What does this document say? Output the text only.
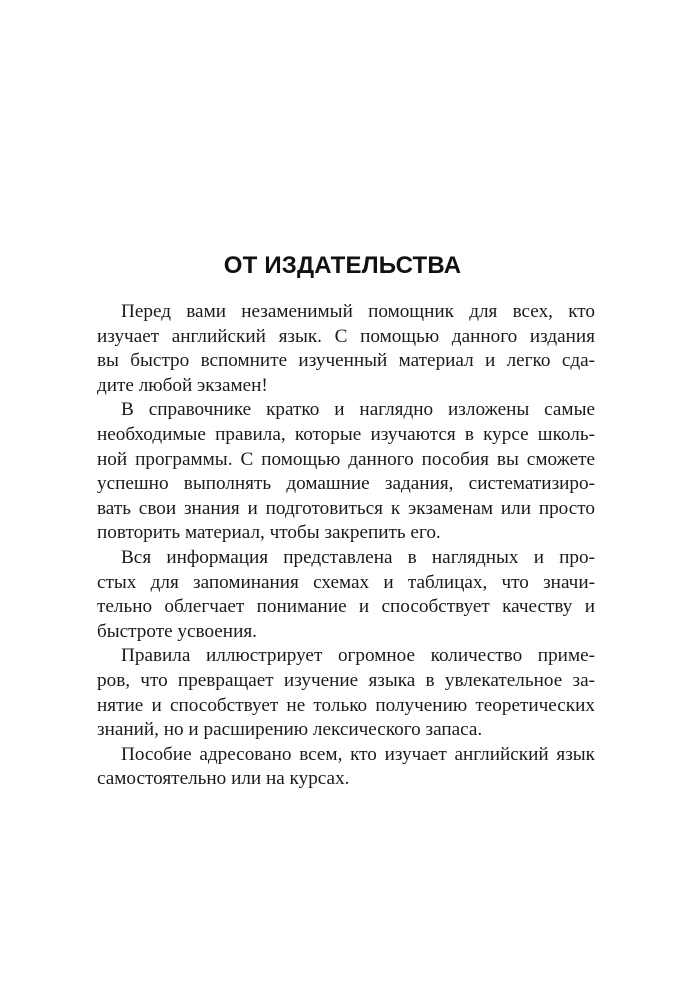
ОТ ИЗДАТЕЛЬСТВА
Перед вами незаменимый помощник для всех, кто
изучает английский язык. С помощью данного издания
вы быстро вспомните изученный материал и легко сда-
дите любой экзамен!
В справочнике кратко и наглядно изложены самые
необходимые правила, которые изучаются в курсе школь-
ной программы. С помощью данного пособия вы сможете
успешно выполнять домашние задания, систематизиро-
вать свои знания и подготовиться к экзаменам или просто
повторить материал, чтобы закрепить его.
Вся информация представлена в наглядных и про-
стых для запоминания схемах и таблицах, что значи-
тельно облегчает понимание и способствует качеству и
быстроте усвоения.
Правила иллюстрирует огромное количество приме-
ров, что превращает изучение языка в увлекательное за-
нятие и способствует не только получению теоретических
знаний, но и расширению лексического запаса.
Пособие адресовано всем, кто изучает английский язык
самостоятельно или на курсах.
